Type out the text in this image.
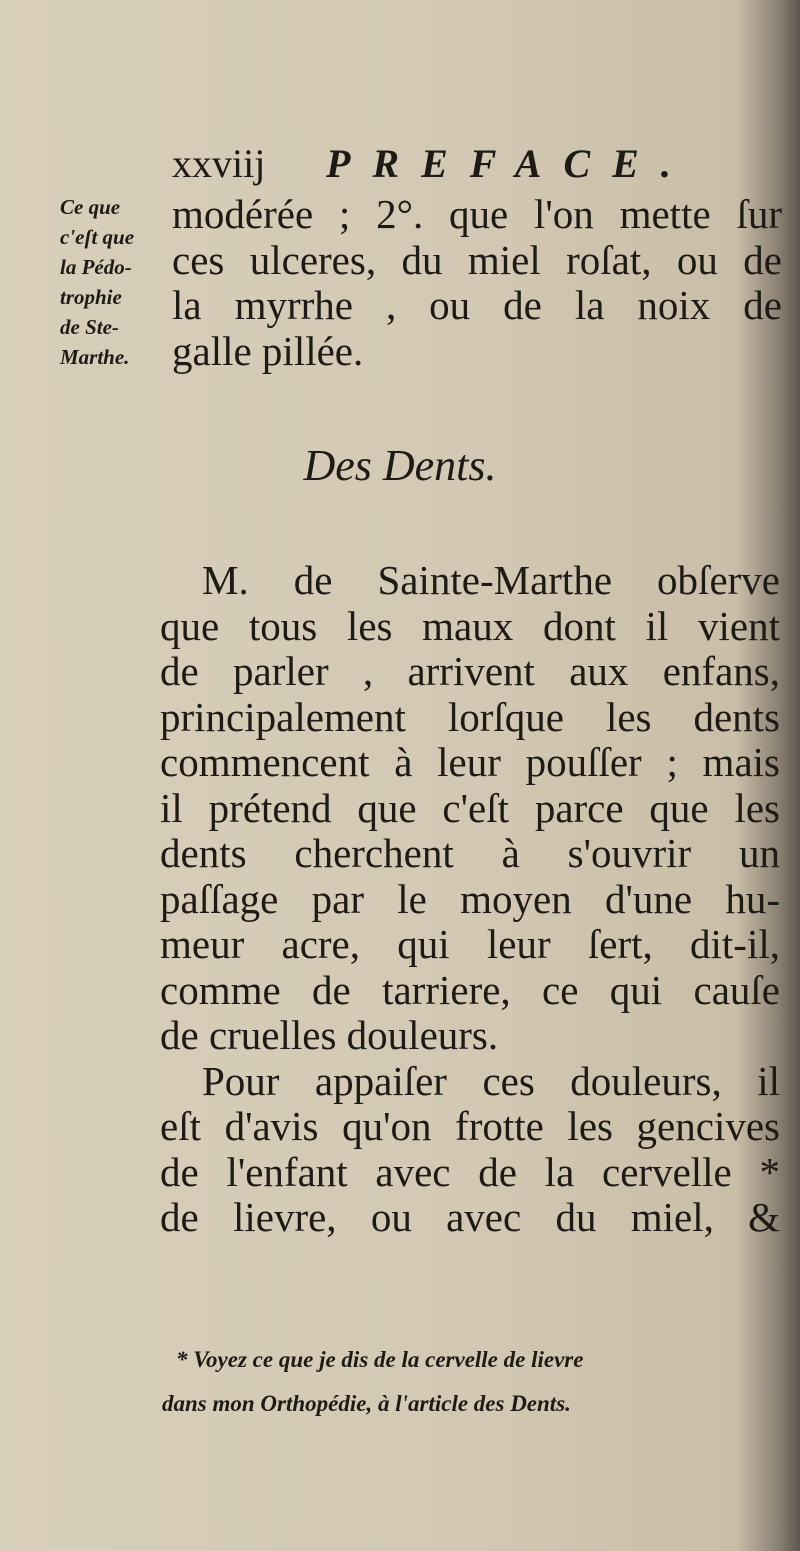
xxviij PREFACE.
Ce que
c'eſt que
la Pédo-
trophie
de Ste-
Marthe.
modérée ; 2°. que l'on mette ſur
ces ulceres, du miel roſat, ou de
la myrrhe , ou de la noix de
galle pillée.
Des Dents.
M. de Sainte-Marthe obſerve
que tous les maux dont il vient
de parler , arrivent aux enfans,
principalement lorſque les dents
commencent à leur pouſſer ; mais
il prétend que c'eſt parce que les
dents cherchent à s'ouvrir un
paſſage par le moyen d'une hu-
meur acre, qui leur ſert, dit-il,
comme de tarriere, ce qui cauſe
de cruelles douleurs.
Pour appaiſer ces douleurs, il
eſt d'avis qu'on frotte les gencives
de l'enfant avec de la cervelle *
de lievre, ou avec du miel, &
* Voyez ce que je dis de la cervelle de lievre
dans mon Orthopédie, à l'article des Dents.
